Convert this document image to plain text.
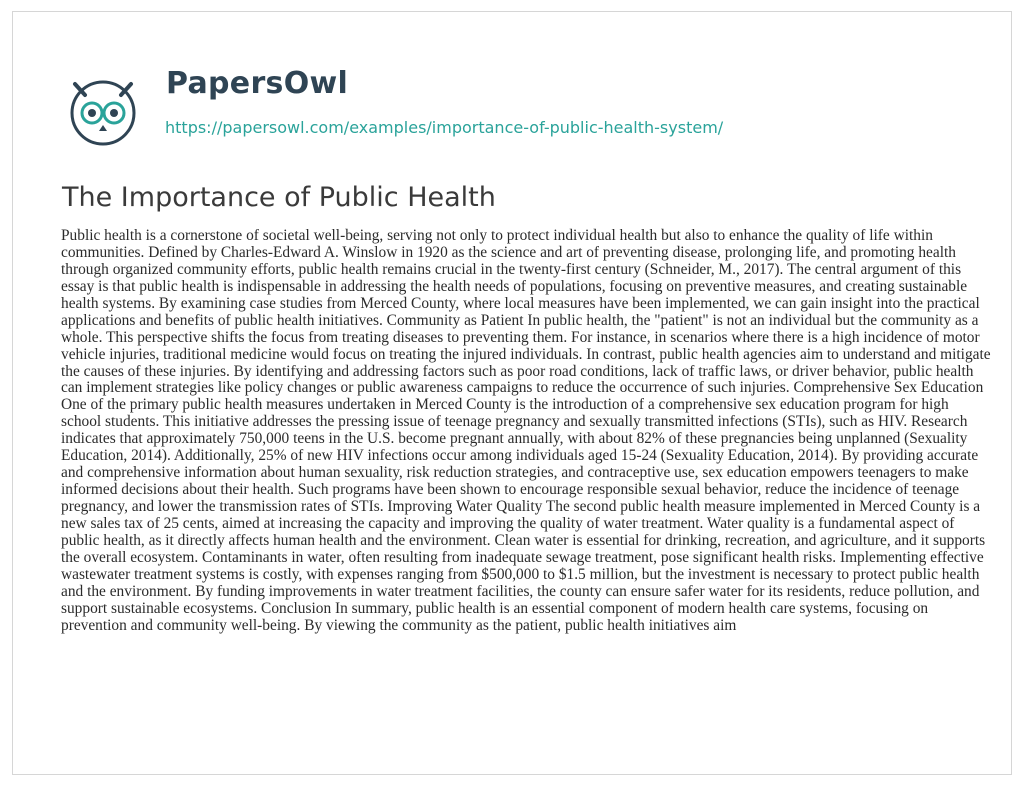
PapersOwl
https://papersowl.com/examples/importance-of-public-health-system/
The Importance of Public Health

Public health is a cornerstone of societal well-being, serving not only to protect individual health but also to enhance the quality of life within communities. Defined by Charles-Edward A. Winslow in 1920 as the science and art of preventing disease, prolonging life, and promoting health through organized community efforts, public health remains crucial in the twenty-first century (Schneider, M., 2017). The central argument of this essay is that public health is indispensable in addressing the health needs of populations, focusing on preventive measures, and creating sustainable health systems. By examining case studies from Merced County, where local measures have been implemented, we can gain insight into the practical applications and benefits of public health initiatives. Community as Patient In public health, the "patient" is not an individual but the community as a whole. This perspective shifts the focus from treating diseases to preventing them. For instance, in scenarios where there is a high incidence of motor vehicle injuries, traditional medicine would focus on treating the injured individuals. In contrast, public health agencies aim to understand and mitigate the causes of these injuries. By identifying and addressing factors such as poor road conditions, lack of traffic laws, or driver behavior, public health can implement strategies like policy changes or public awareness campaigns to reduce the occurrence of such injuries. Comprehensive Sex Education One of the primary public health measures undertaken in Merced County is the introduction of a comprehensive sex education program for high school students. This initiative addresses the pressing issue of teenage pregnancy and sexually transmitted infections (STIs), such as HIV. Research indicates that approximately 750,000 teens in the U.S. become pregnant annually, with about 82% of these pregnancies being unplanned (Sexuality Education, 2014). Additionally, 25% of new HIV infections occur among individuals aged 15-24 (Sexuality Education, 2014). By providing accurate and comprehensive information about human sexuality, risk reduction strategies, and contraceptive use, sex education empowers teenagers to make informed decisions about their health. Such programs have been shown to encourage responsible sexual behavior, reduce the incidence of teenage pregnancy, and lower the transmission rates of STIs. Improving Water Quality The second public health measure implemented in Merced County is a new sales tax of 25 cents, aimed at increasing the capacity and improving the quality of water treatment. Water quality is a fundamental aspect of public health, as it directly affects human health and the environment. Clean water is essential for drinking, recreation, and agriculture, and it supports the overall ecosystem. Contaminants in water, often resulting from inadequate sewage treatment, pose significant health risks. Implementing effective wastewater treatment systems is costly, with expenses ranging from $500,000 to $1.5 million, but the investment is necessary to protect public health and the environment. By funding improvements in water treatment facilities, the county can ensure safer water for its residents, reduce pollution, and support sustainable ecosystems. Conclusion In summary, public health is an essential component of modern health care systems, focusing on prevention and community well-being. By viewing the community as the patient, public health initiatives aim
